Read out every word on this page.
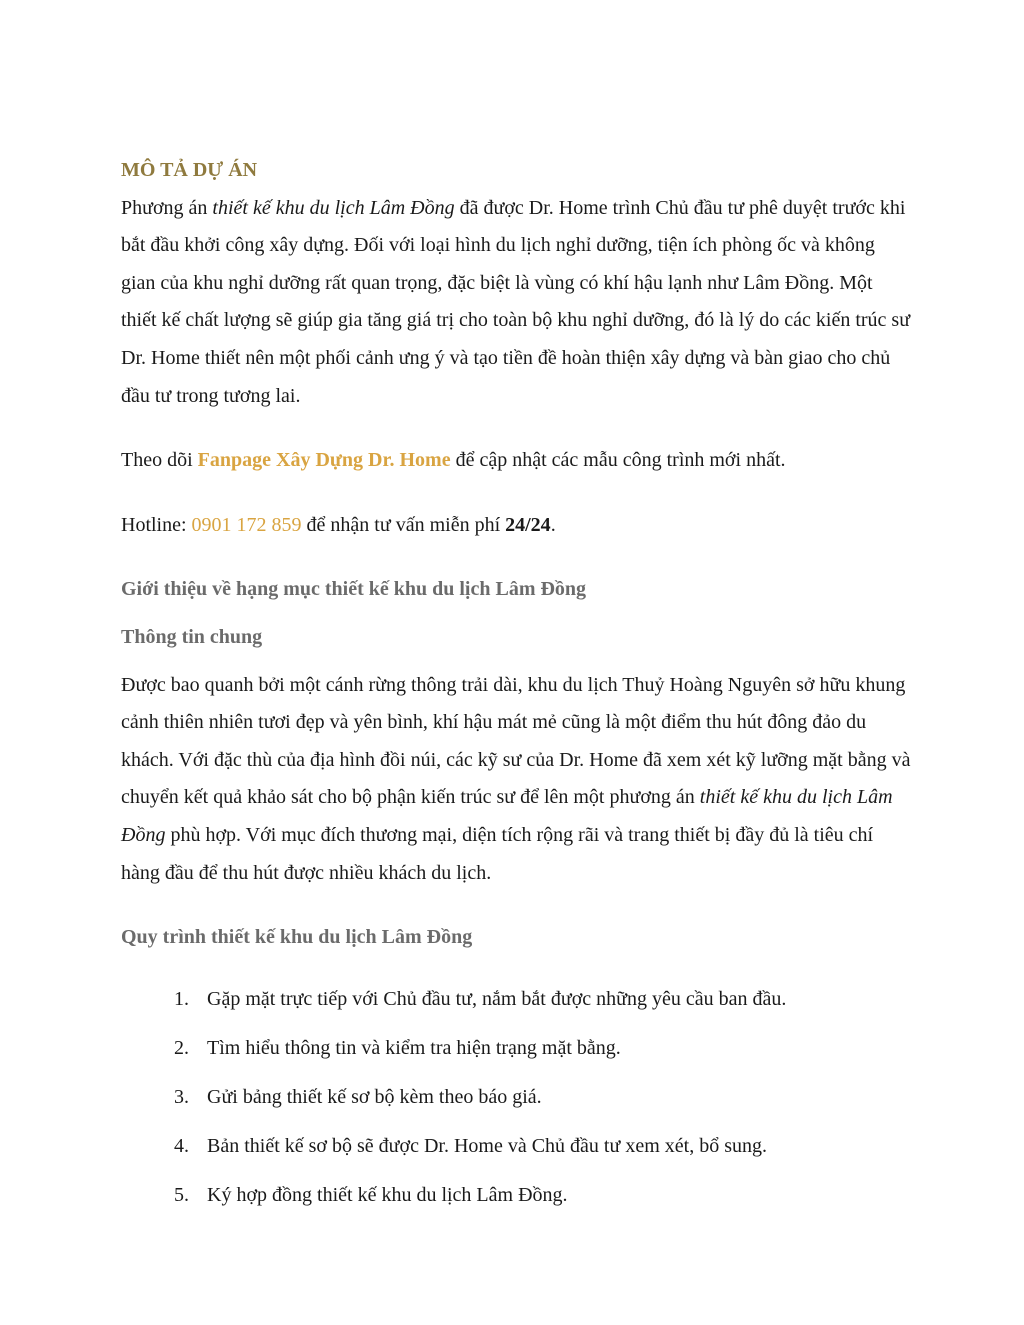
MÔ TẢ DỰ ÁN

Phương án thiết kế khu du lịch Lâm Đồng đã được Dr. Home trình Chủ đầu tư phê duyệt trước khi bắt đầu khởi công xây dựng. Đối với loại hình du lịch nghỉ dưỡng, tiện ích phòng ốc và không gian của khu nghỉ dưỡng rất quan trọng, đặc biệt là vùng có khí hậu lạnh như Lâm Đồng. Một thiết kế chất lượng sẽ giúp gia tăng giá trị cho toàn bộ khu nghỉ dưỡng, đó là lý do các kiến trúc sư Dr. Home thiết nên một phối cảnh ưng ý và tạo tiền đề hoàn thiện xây dựng và bàn giao cho chủ đầu tư trong tương lai.

Theo dõi Fanpage Xây Dựng Dr. Home để cập nhật các mẫu công trình mới nhất.

Hotline: 0901 172 859 để nhận tư vấn miễn phí 24/24.

Giới thiệu về hạng mục thiết kế khu du lịch Lâm Đồng

Thông tin chung

Được bao quanh bởi một cánh rừng thông trải dài, khu du lịch Thuỷ Hoàng Nguyên sở hữu khung cảnh thiên nhiên tươi đẹp và yên bình, khí hậu mát mẻ cũng là một điểm thu hút đông đảo du khách. Với đặc thù của địa hình đồi núi, các kỹ sư của Dr. Home đã xem xét kỹ lưỡng mặt bằng và chuyển kết quả khảo sát cho bộ phận kiến trúc sư để lên một phương án thiết kế khu du lịch Lâm Đồng phù hợp. Với mục đích thương mại, diện tích rộng rãi và trang thiết bị đầy đủ là tiêu chí hàng đầu để thu hút được nhiều khách du lịch.

Quy trình thiết kế khu du lịch Lâm Đồng

1. Gặp mặt trực tiếp với Chủ đầu tư, nắm bắt được những yêu cầu ban đầu.
2. Tìm hiểu thông tin và kiểm tra hiện trạng mặt bằng.
3. Gửi bảng thiết kế sơ bộ kèm theo báo giá.
4. Bản thiết kế sơ bộ sẽ được Dr. Home và Chủ đầu tư xem xét, bổ sung.
5. Ký hợp đồng thiết kế khu du lịch Lâm Đồng.
